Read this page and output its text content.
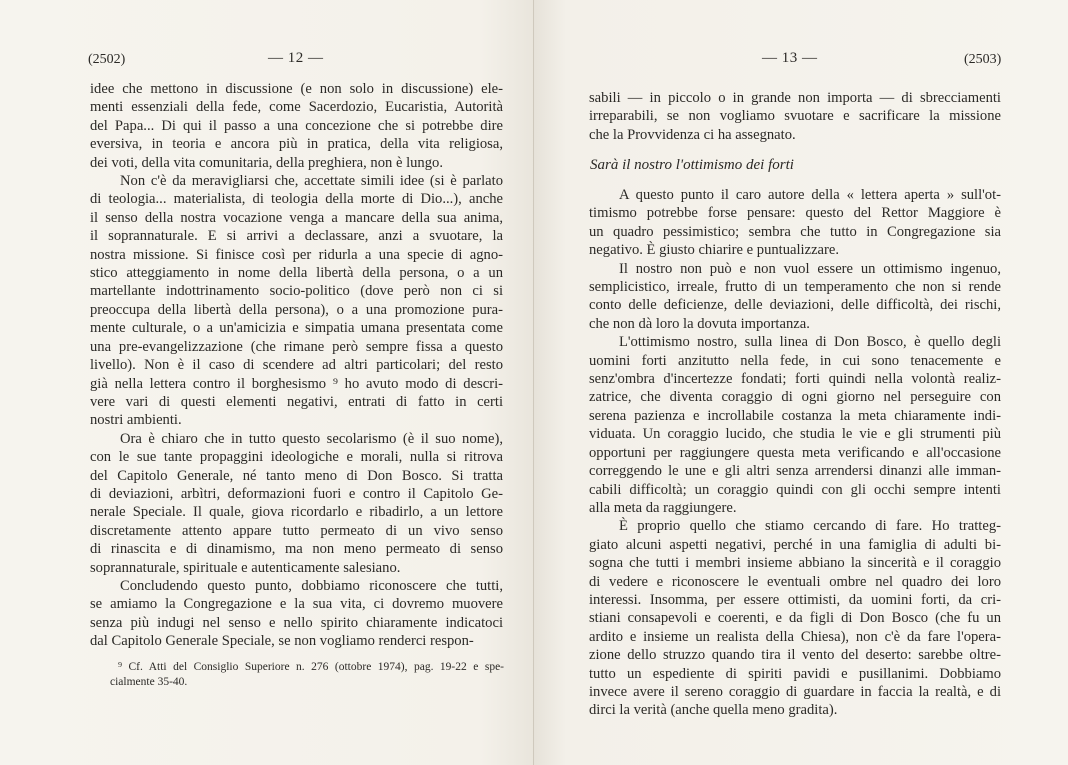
(2502)	— 12 —
idee che mettono in discussione (e non solo in discussione) ele-
menti essenziali della fede, come Sacerdozio, Eucaristia, Autorità
del Papa... Di qui il passo a una concezione che si potrebbe dire
eversiva, in teoria e ancora più in pratica, della vita religiosa,
dei voti, della vita comunitaria, della preghiera, non è lungo.
Non c'è da meravigliarsi che, accettate simili idee (si è parlato
di teologia... materialista, di teologia della morte di Dio...), anche
il senso della nostra vocazione venga a mancare della sua anima,
il soprannaturale. E si arrivi a declassare, anzi a svuotare, la
nostra missione. Si finisce così per ridurla a una specie di agno-
stico atteggiamento in nome della libertà della persona, o a un
martellante indottrinamento socio-politico (dove però non ci si
preoccupa della libertà della persona), o a una promozione pura-
mente culturale, o a un'amicizia e simpatia umana presentata come
una pre-evangelizzazione (che rimane però sempre fissa a questo
livello). Non è il caso di scendere ad altri particolari; del resto
già nella lettera contro il borghesismo ⁹ ho avuto modo di descri-
vere vari di questi elementi negativi, entrati di fatto in certi
nostri ambienti.
Ora è chiaro che in tutto questo secolarismo (è il suo nome),
con le sue tante propaggini ideologiche e morali, nulla si ritrova
del Capitolo Generale, né tanto meno di Don Bosco. Si tratta
di deviazioni, arbìtri, deformazioni fuori e contro il Capitolo Ge-
nerale Speciale. Il quale, giova ricordarlo e ribadirlo, a un lettore
discretamente attento appare tutto permeato di un vivo senso
di rinascita e di dinamismo, ma non meno permeato di senso
soprannaturale, spirituale e autenticamente salesiano.
Concludendo questo punto, dobbiamo riconoscere che tutti,
se amiamo la Congregazione e la sua vita, ci dovremo muovere
senza più indugi nel senso e nello spirito chiaramente indicatoci
dal Capitolo Generale Speciale, se non vogliamo renderci respon-
⁹ Cf. Atti del Consiglio Superiore n. 276 (ottobre 1974), pag. 19-22 e spe-
cialmente 35-40.
— 13 —	(2503)
sabili — in piccolo o in grande non importa — di sbrecciamenti
irreparabili, se non vogliamo svuotare e sacrificare la missione
che la Provvidenza ci ha assegnato.
Sarà il nostro l'ottimismo dei forti
A questo punto il caro autore della « lettera aperta » sull'ot-
timismo potrebbe forse pensare: questo del Rettor Maggiore è
un quadro pessimistico; sembra che tutto in Congregazione sia
negativo. È giusto chiarire e puntualizzare.
Il nostro non può e non vuol essere un ottimismo ingenuo,
semplicistico, irreale, frutto di un temperamento che non si rende
conto delle deficienze, delle deviazioni, delle difficoltà, dei rischi,
che non dà loro la dovuta importanza.
L'ottimismo nostro, sulla linea di Don Bosco, è quello degli
uomini forti anzitutto nella fede, in cui sono tenacemente e
senz'ombra d'incertezze fondati; forti quindi nella volontà realiz-
zatrice, che diventa coraggio di ogni giorno nel perseguire con
serena pazienza e incrollabile costanza la meta chiaramente indi-
viduata. Un coraggio lucido, che studia le vie e gli strumenti più
opportuni per raggiungere questa meta verificando e all'occasione
correggendo le une e gli altri senza arrendersi dinanzi alle imman-
cabili difficoltà; un coraggio quindi con gli occhi sempre intenti
alla meta da raggiungere.
È proprio quello che stiamo cercando di fare. Ho tratteg-
giato alcuni aspetti negativi, perché in una famiglia di adulti bi-
sogna che tutti i membri insieme abbiano la sincerità e il coraggio
di vedere e riconoscere le eventuali ombre nel quadro dei loro
interessi. Insomma, per essere ottimisti, da uomini forti, da cri-
stiani consapevoli e coerenti, e da figli di Don Bosco (che fu un
ardito e insieme un realista della Chiesa), non c'è da fare l'opera-
zione dello struzzo quando tira il vento del deserto: sarebbe oltre-
tutto un espediente di spiriti pavidi e pusillanimi. Dobbiamo
invece avere il sereno coraggio di guardare in faccia la realtà, e di
dirci la verità (anche quella meno gradita).
